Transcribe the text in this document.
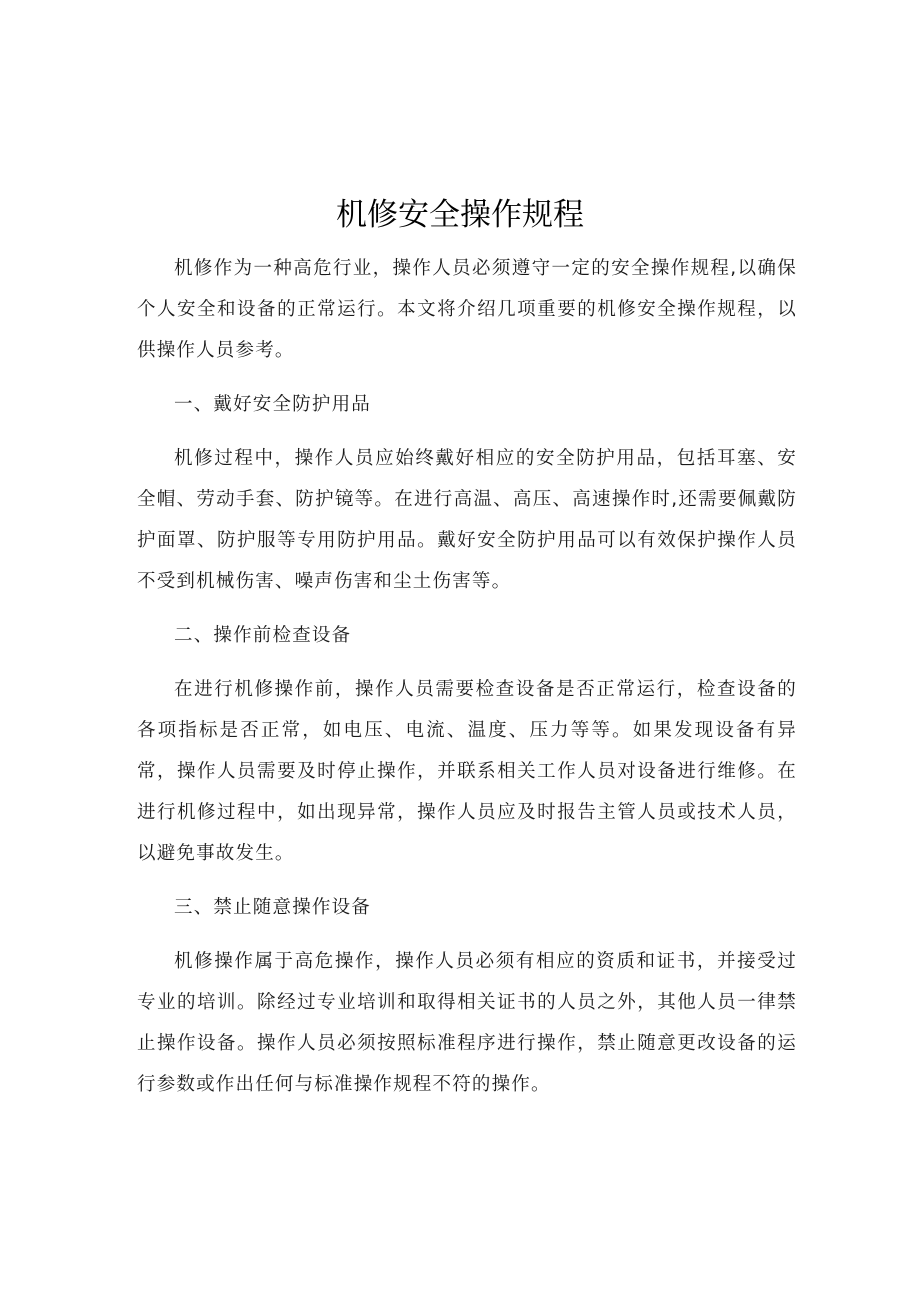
机修安全操作规程

机修作为一种高危行业，操作人员必须遵守一定的安全操作规程,以确保个人安全和设备的正常运行。本文将介绍几项重要的机修安全操作规程，以供操作人员参考。

一、戴好安全防护用品

机修过程中，操作人员应始终戴好相应的安全防护用品，包括耳塞、安全帽、劳动手套、防护镜等。在进行高温、高压、高速操作时,还需要佩戴防护面罩、防护服等专用防护用品。戴好安全防护用品可以有效保护操作人员不受到机械伤害、噪声伤害和尘土伤害等。

二、操作前检查设备

在进行机修操作前，操作人员需要检查设备是否正常运行，检查设备的各项指标是否正常，如电压、电流、温度、压力等等。如果发现设备有异常，操作人员需要及时停止操作，并联系相关工作人员对设备进行维修。在进行机修过程中，如出现异常，操作人员应及时报告主管人员或技术人员，以避免事故发生。

三、禁止随意操作设备

机修操作属于高危操作，操作人员必须有相应的资质和证书，并接受过专业的培训。除经过专业培训和取得相关证书的人员之外，其他人员一律禁止操作设备。操作人员必须按照标准程序进行操作，禁止随意更改设备的运行参数或作出任何与标准操作规程不符的操作。
